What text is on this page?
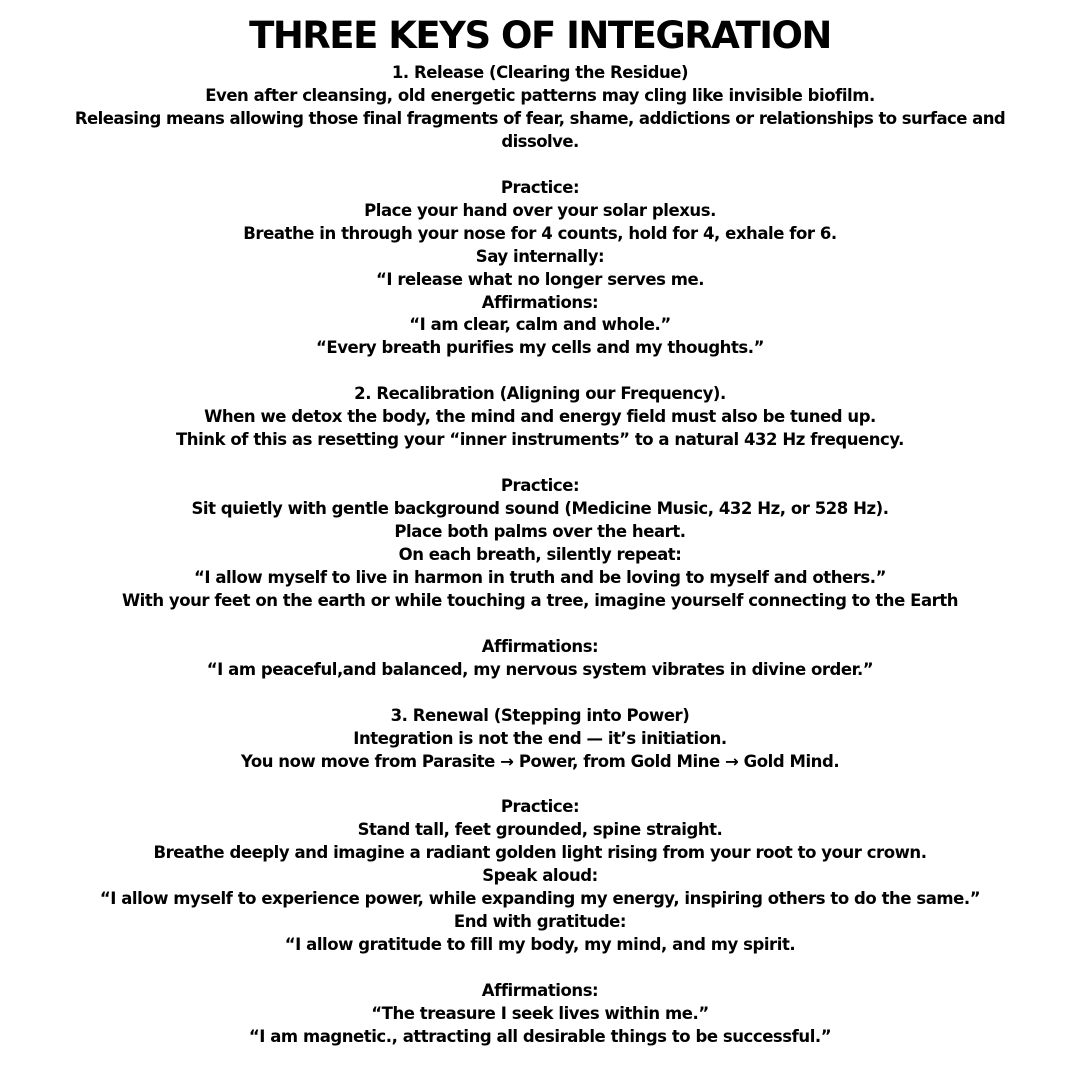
THREE KEYS OF INTEGRATION
1. Release (Clearing the Residue)
Even after cleansing, old energetic patterns may cling like invisible biofilm.
Releasing means allowing those final fragments of fear, shame, addictions or relationships to surface and dissolve.
Practice:
Place your hand over your solar plexus.
Breathe in through your nose for 4 counts, hold for 4, exhale for 6.
Say internally:
“I release what no longer serves me.
Affirmations:
“I am clear, calm and whole.”
“Every breath purifies my cells and my thoughts.”
2. Recalibration (Aligning our Frequency).
When we detox the body, the mind and energy field must also be tuned up.
Think of this as resetting your “inner instruments” to a natural 432 Hz frequency.
Practice:
Sit quietly with gentle background sound (Medicine Music, 432 Hz, or 528 Hz).
Place both palms over the heart.
On each breath, silently repeat:
“I allow myself to live in harmon in truth and be loving to myself and others.”
With your feet on the earth or while touching a tree, imagine yourself connecting to the Earth
Affirmations:
“I am peaceful,and balanced, my nervous system vibrates in divine order.”
3. Renewal (Stepping into Power)
Integration is not the end — it’s initiation.
You now move from Parasite → Power, from Gold Mine → Gold Mind.
Practice:
Stand tall, feet grounded, spine straight.
Breathe deeply and imagine a radiant golden light rising from your root to your crown.
Speak aloud:
“I allow myself to experience power, while expanding my energy, inspiring others to do the same.”
End with gratitude:
“I allow gratitude to fill my body, my mind, and my spirit.
Affirmations:
“The treasure I seek lives within me.”
“I am magnetic., attracting all desirable things to be successful.”
